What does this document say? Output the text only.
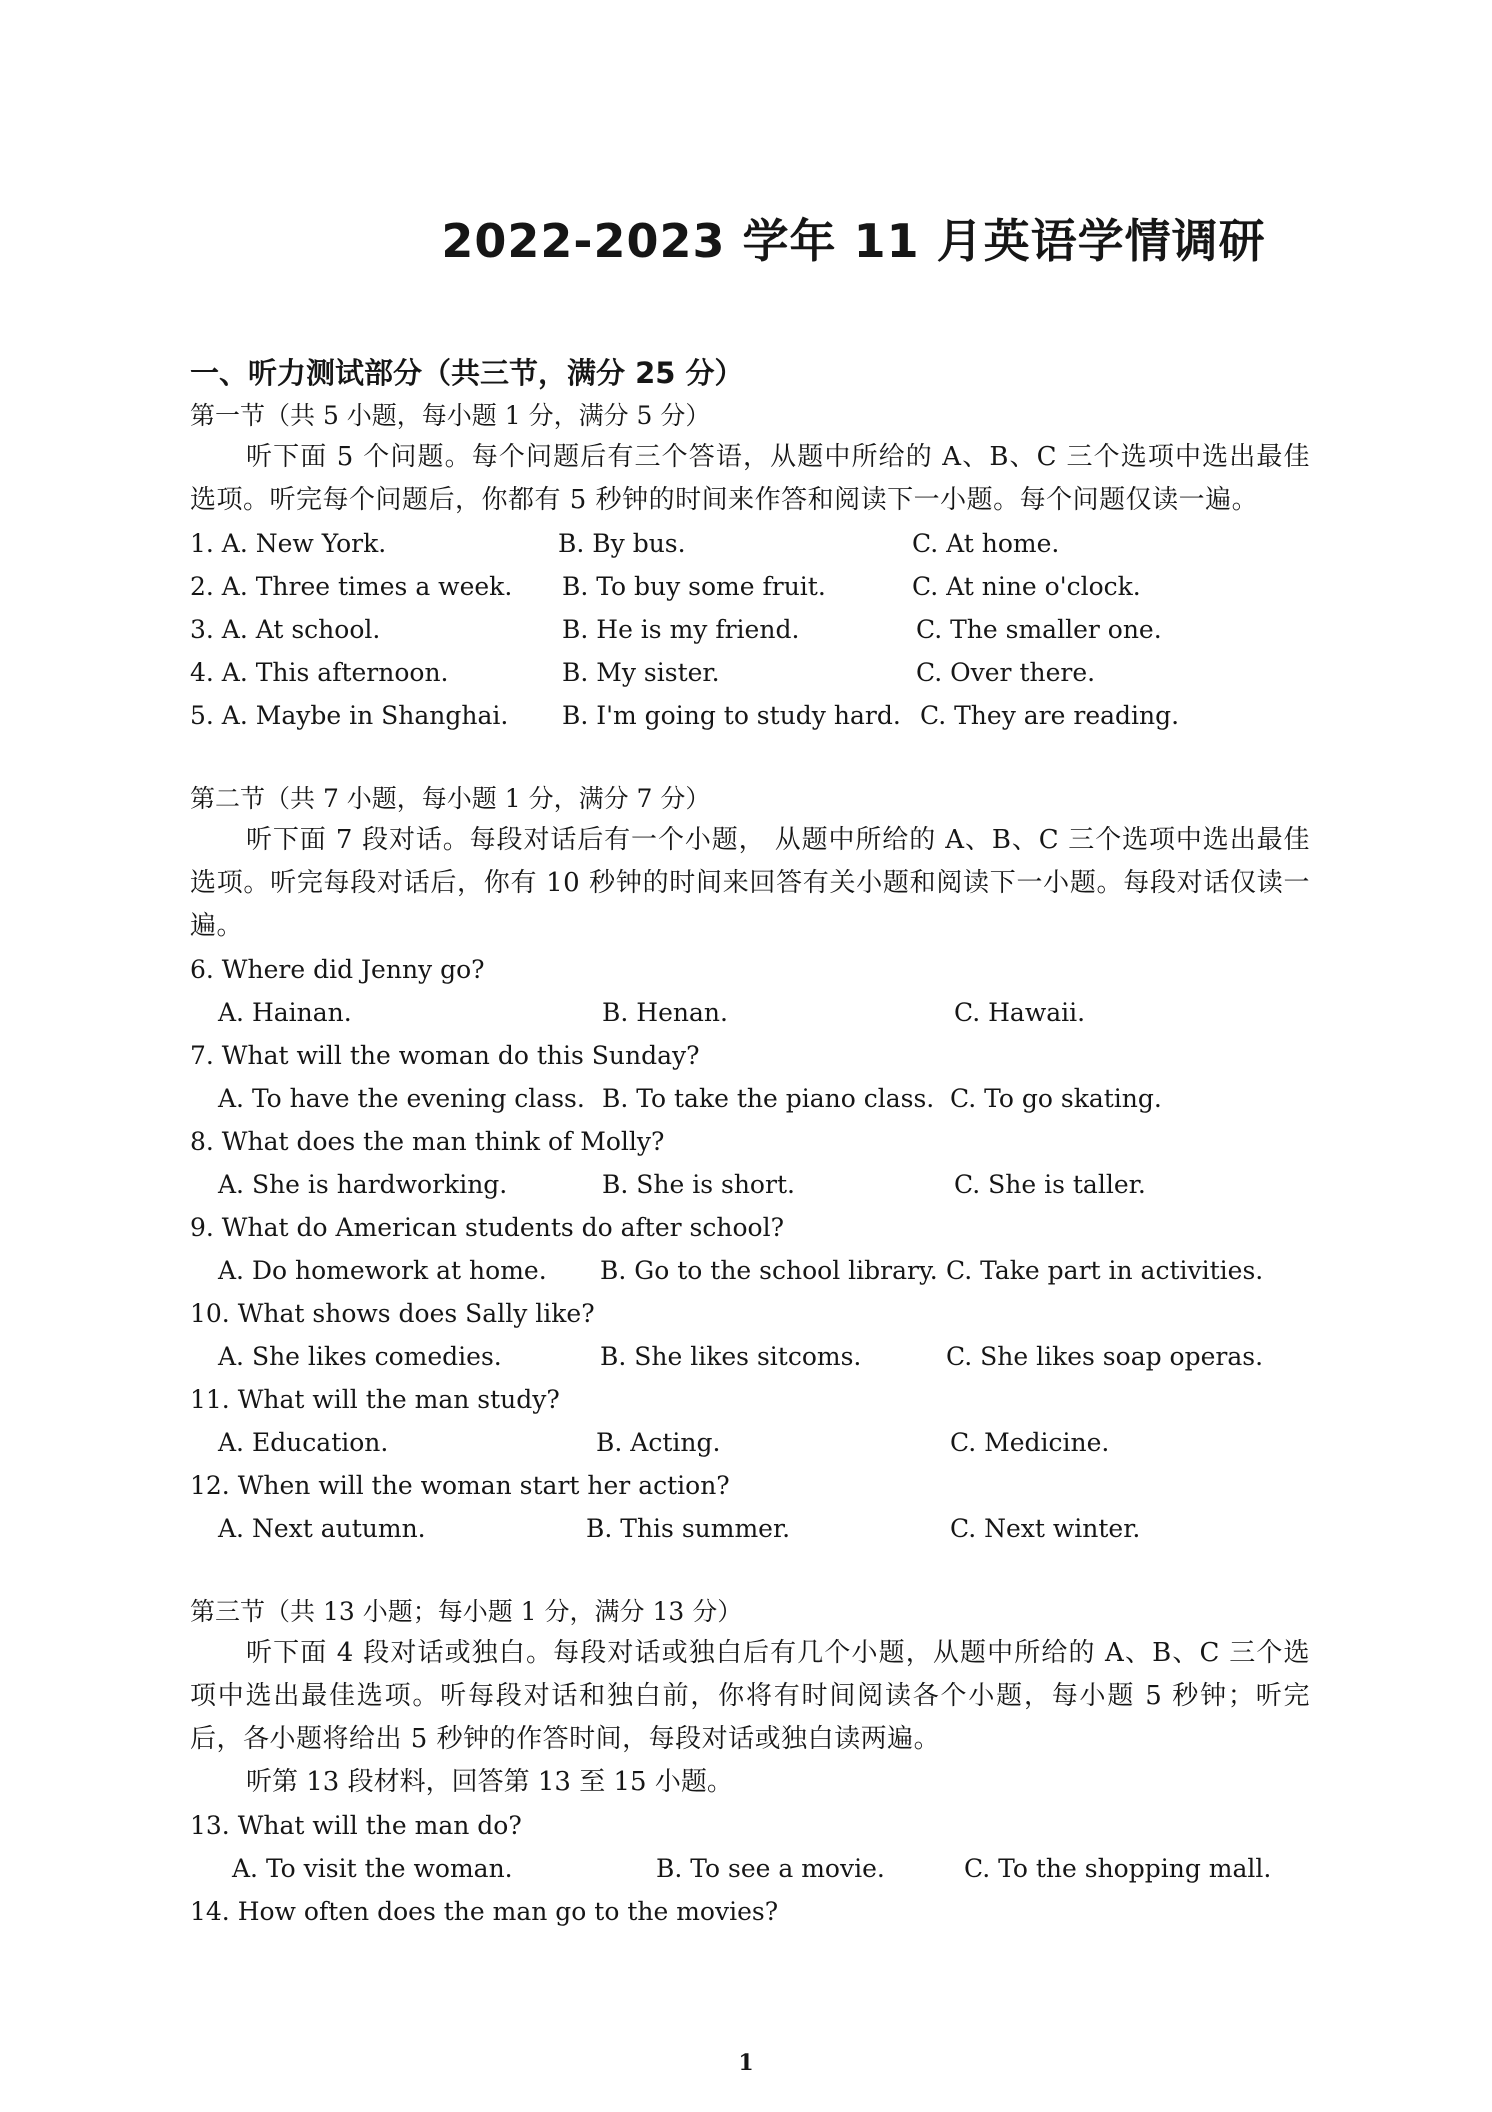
2022-2023 学年 11 月英语学情调研
一、听力测试部分（共三节，满分 25 分）
第一节（共 5 小题，每小题 1 分，满分 5 分）
听下面 5 个问题。每个问题后有三个答语，从题中所给的 A、B、C 三个选项中选出最佳选项。听完每个问题后，你都有 5 秒钟的时间来作答和阅读下一小题。每个问题仅读一遍。
1. A. New York.	B. By bus.	C. At home.
2. A. Three times a week. B. To buy some fruit.	C. At nine o'clock.
3. A. At school.	B. He is my friend.	C. The smaller one.
4. A. This afternoon.	B. My sister.	C. Over there.
5. A. Maybe in Shanghai. B. I'm going to study hard. C. They are reading.
第二节（共 7 小题，每小题 1 分，满分 7 分）
听下面 7 段对话。每段对话后有一个小题， 从题中所给的 A、B、C 三个选项中选出最佳选项。听完每段对话后，你有 10 秒钟的时间来回答有关小题和阅读下一小题。每段对话仅读一遍。
6. Where did Jenny go?
A. Hainan.	B. Henan.	C. Hawaii.
7. What will the woman do this Sunday?
A. To have the evening class. B. To take the piano class. C. To go skating.
8. What does the man think of Molly?
A. She is hardworking.	B. She is short.	C. She is taller.
9. What do American students do after school?
A. Do homework at home. B. Go to the school library. C. Take part in activities.
10. What shows does Sally like?
A. She likes comedies.	B. She likes sitcoms.	C. She likes soap operas.
11. What will the man study?
A. Education.	B. Acting.	C. Medicine.
12. When will the woman start her action?
A. Next autumn.	B. This summer.	C. Next winter.
第三节（共 13 小题；每小题 1 分，满分 13 分）
听下面 4 段对话或独白。每段对话或独白后有几个小题，从题中所给的 A、B、C 三个选项中选出最佳选项。听每段对话和独白前，你将有时间阅读各个小题，每小题 5 秒钟；听完后，各小题将给出 5 秒钟的作答时间，每段对话或独白读两遍。
听第 13 段材料，回答第 13 至 15 小题。
13. What will the man do?
A. To visit the woman.	B. To see a movie.	C. To the shopping mall.
14. How often does the man go to the movies?
1
